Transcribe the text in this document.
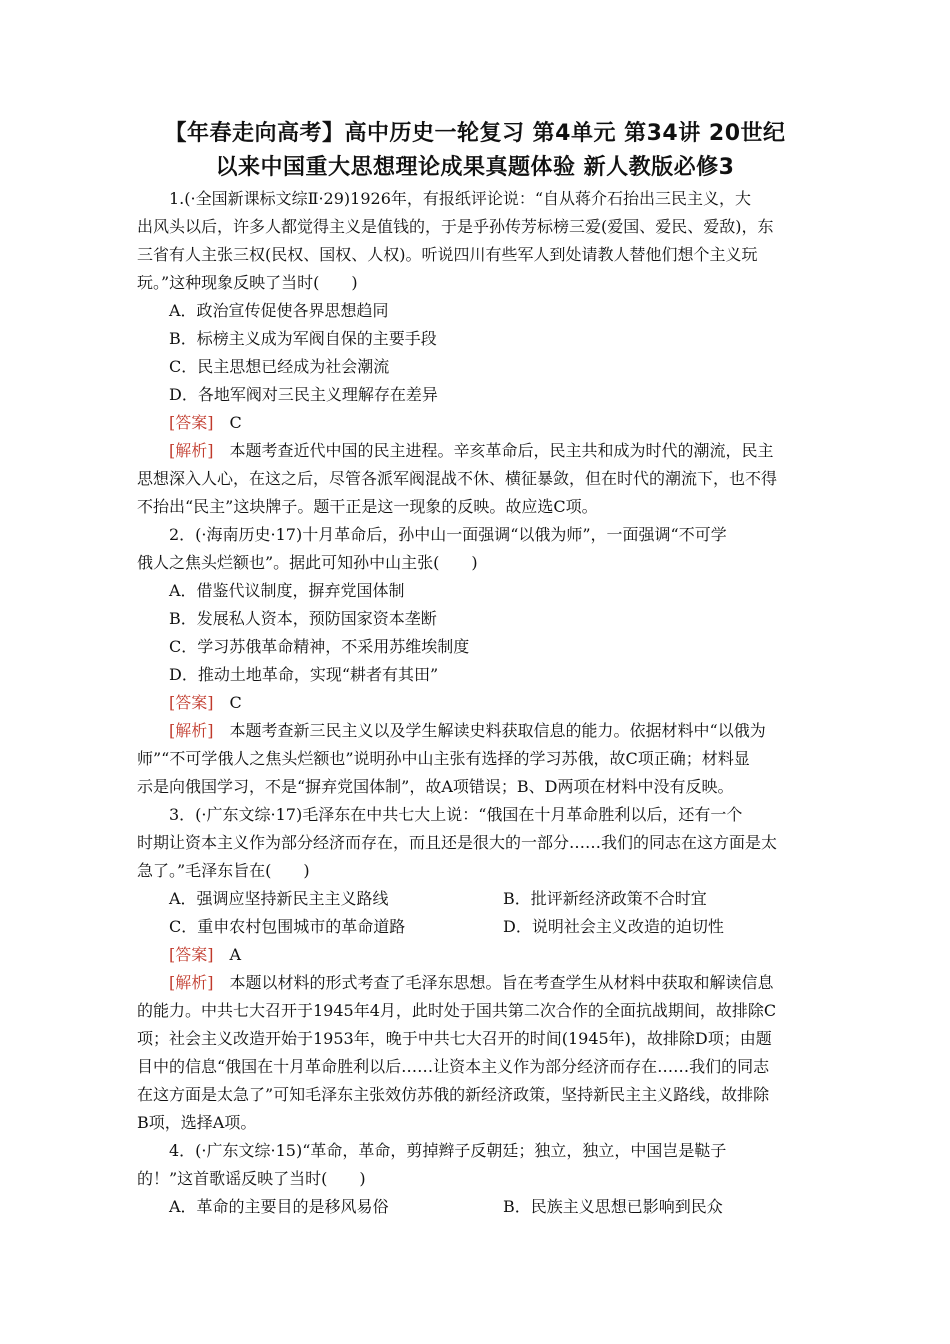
【年春走向高考】高中历史一轮复习 第4单元 第34讲 20世纪
以来中国重大思想理论成果真题体验 新人教版必修3
1.(·全国新课标文综Ⅱ·29)1926年，有报纸评论说：“自从蒋介石抬出三民主义，大
出风头以后，许多人都觉得主义是值钱的，于是乎孙传芳标榜三爱(爱国、爱民、爱敌)，东
三省有人主张三权(民权、国权、人权)。听说四川有些军人到处请教人替他们想个主义玩
玩。”这种现象反映了当时(　　)
A．政治宣传促使各界思想趋同
B．标榜主义成为军阀自保的主要手段
C．民主思想已经成为社会潮流
D．各地军阀对三民主义理解存在差异
[答案]　 C
[解析]　 本题考查近代中国的民主进程。辛亥革命后，民主共和成为时代的潮流，民主
思想深入人心，在这之后，尽管各派军阀混战不休、横征暴敛，但在时代的潮流下，也不得
不抬出“民主”这块牌子。题干正是这一现象的反映。故应选C项。
2．(·海南历史·17)十月革命后，孙中山一面强调“以俄为师”，一面强调“不可学
俄人之焦头烂额也”。据此可知孙中山主张(　　)
A．借鉴代议制度，摒弃党国体制
B．发展私人资本，预防国家资本垄断
C．学习苏俄革命精神，不采用苏维埃制度
D．推动土地革命，实现“耕者有其田”
[答案]　 C
[解析]　 本题考查新三民主义以及学生解读史料获取信息的能力。依据材料中“以俄为
师”“不可学俄人之焦头烂额也”说明孙中山主张有选择的学习苏俄，故C项正确；材料显
示是向俄国学习，不是“摒弃党国体制”，故A项错误；B、D两项在材料中没有反映。
3．(·广东文综·17)毛泽东在中共七大上说：“俄国在十月革命胜利以后，还有一个
时期让资本主义作为部分经济而存在，而且还是很大的一部分……我们的同志在这方面是太
急了。”毛泽东旨在(　　)
A．强调应坚持新民主主义路线	B．批评新经济政策不合时宜
C．重申农村包围城市的革命道路	D．说明社会主义改造的迫切性
[答案]　 A
[解析]　 本题以材料的形式考查了毛泽东思想。旨在考查学生从材料中获取和解读信息
的能力。中共七大召开于1945年4月，此时处于国共第二次合作的全面抗战期间，故排除C
项；社会主义改造开始于1953年，晚于中共七大召开的时间(1945年)，故排除D项；由题
目中的信息“俄国在十月革命胜利以后……让资本主义作为部分经济而存在……我们的同志
在这方面是太急了”可知毛泽东主张效仿苏俄的新经济政策，坚持新民主主义路线，故排除
B项，选择A项。
4．(·广东文综·15)“革命，革命，剪掉辫子反朝廷；独立，独立，中国岂是鞑子
的！”这首歌谣反映了当时(　　)
A．革命的主要目的是移风易俗	B．民族主义思想已影响到民众
